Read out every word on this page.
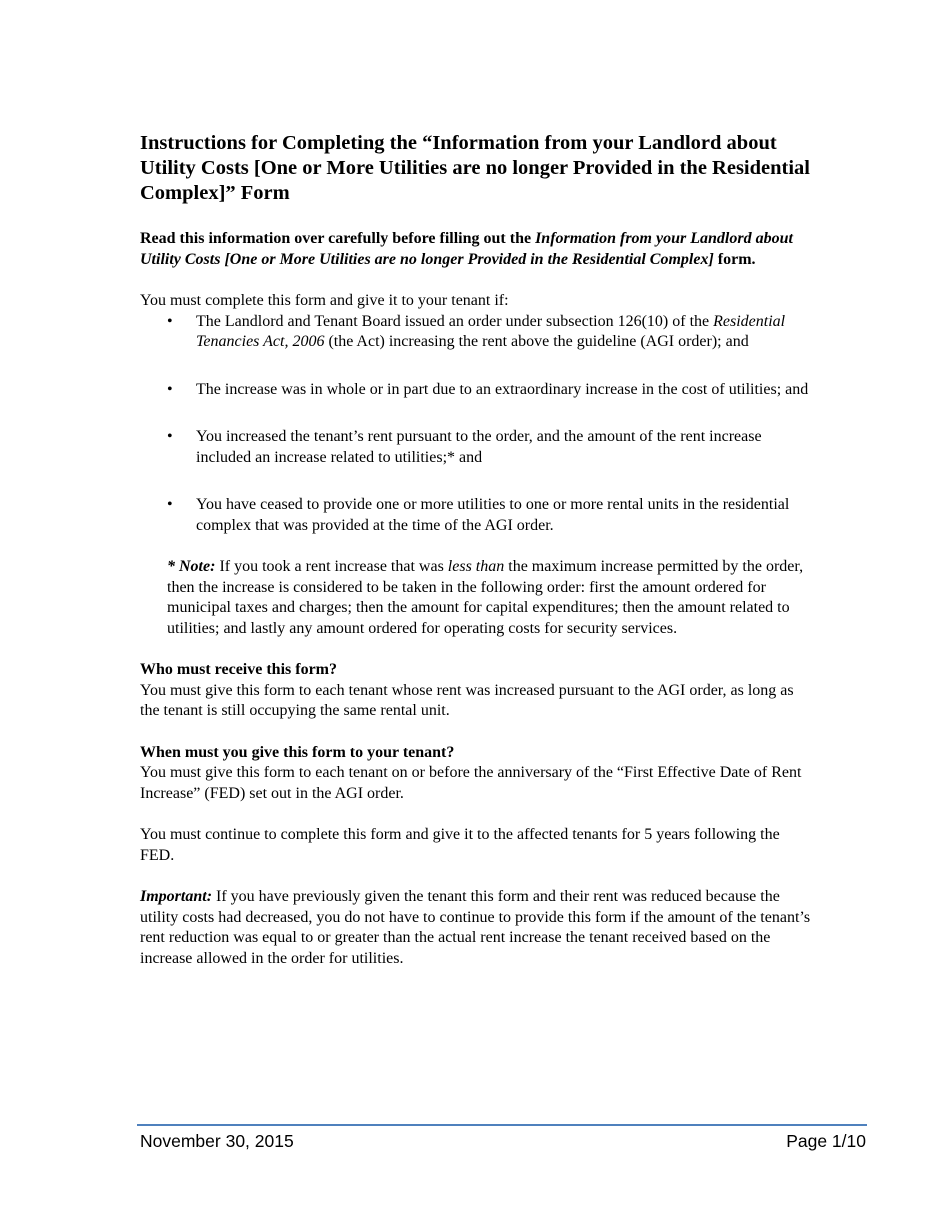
Instructions for Completing the “Information from your Landlord about Utility Costs [One or More Utilities are no longer Provided in the Residential Complex]” Form

Read this information over carefully before filling out the Information from your Landlord about Utility Costs [One or More Utilities are no longer Provided in the Residential Complex] form.

You must complete this form and give it to your tenant if:

• The Landlord and Tenant Board issued an order under subsection 126(10) of the Residential Tenancies Act, 2006 (the Act) increasing the rent above the guideline (AGI order); and
• The increase was in whole or in part due to an extraordinary increase in the cost of utilities; and
• You increased the tenant’s rent pursuant to the order, and the amount of the rent increase included an increase related to utilities;* and
• You have ceased to provide one or more utilities to one or more rental units in the residential complex that was provided at the time of the AGI order.

* Note: If you took a rent increase that was less than the maximum increase permitted by the order, then the increase is considered to be taken in the following order: first the amount ordered for municipal taxes and charges; then the amount for capital expenditures; then the amount related to utilities; and lastly any amount ordered for operating costs for security services.

Who must receive this form?

You must give this form to each tenant whose rent was increased pursuant to the AGI order, as long as the tenant is still occupying the same rental unit.

When must you give this form to your tenant?

You must give this form to each tenant on or before the anniversary of the “First Effective Date of Rent Increase” (FED) set out in the AGI order.

You must continue to complete this form and give it to the affected tenants for 5 years following the FED.

Important: If you have previously given the tenant this form and their rent was reduced because the utility costs had decreased, you do not have to continue to provide this form if the amount of the tenant’s rent reduction was equal to or greater than the actual rent increase the tenant received based on the increase allowed in the order for utilities.

November 30, 2015	Page 1/10
